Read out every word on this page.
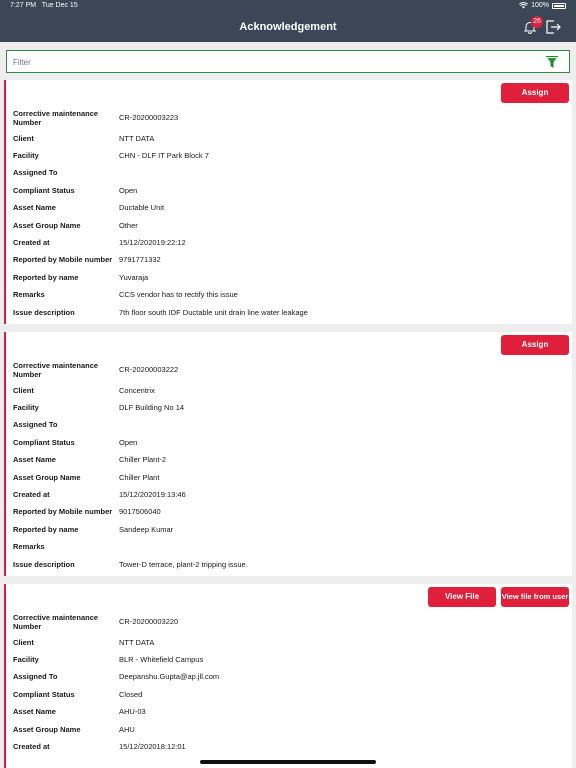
7:27 PM Tue Dec 15	100%
Acknowledgement	26
Filter
Assign
Corrective maintenance Number
CR-20200003223
Client	NTT DATA
Facility	CHN - DLF IT Park Block 7
Assigned To
Compliant Status	Open
Asset Name	Ductable Unit
Asset Group Name	Other
Created at	15/12/202019:22:12
Reported by Mobile number 9791771332
Reported by name	Yuvaraja
Remarks	CCS vendor has to rectify this issue
Issue description	7th floor south IDF Ductable unit drain line water leakage
Assign
Corrective maintenance Number
CR-20200003222
Client	Concentrix
Facility	DLF Building No 14
Assigned To
Compliant Status	Open
Asset Name	Chiller Plant-2
Asset Group Name	Chiller Plant
Created at	15/12/202019:13:46
Reported by Mobile number 9017506040
Reported by name	Sandeep Kumar
Remarks
Issue description	Tower-D terrace, plant-2 tripping issue.
View File	View file from user
Corrective maintenance Number
CR-20200003220
Client	NTT DATA
Facility	BLR - Whitefield Campus
Assigned To	Deepanshu.Gupta@ap.jll.com
Compliant Status	Closed
Asset Name	AHU-03
Asset Group Name	AHU
Created at	15/12/202018:12:01
